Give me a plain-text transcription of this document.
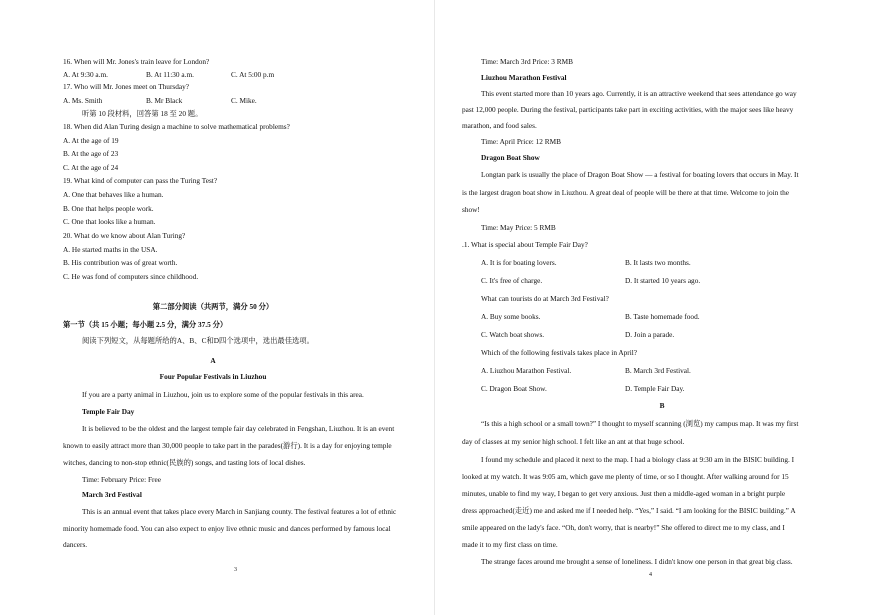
16. When will Mr. Jones's train leave for London?
A. At 9:30 a.m.	B. At 11:30 a.m.	C. At 5:00 p.m
17. Who will Mr. Jones meet on Thursday?
A. Ms. Smith	B. Mr Black	C. Mike.
听第 10 段材料，回答第 18 至 20 题。
18. When did Alan Turing design a machine to solve mathematical problems?
A. At the age of 19
B. At the age of 23
C. At the age of 24
19. What kind of computer can pass the Turing Test?
A. One that behaves like a human.
B. One that helps people work.
C. One that looks like a human.
20. What do we know about Alan Turing?
A. He started maths in the USA.
B. His contribution was of great worth.
C. He was fond of computers since childhood.
第二部分阅读（共两节，满分 50 分）
第一节（共 15 小题；每小题 2.5 分，满分 37.5 分）
阅读下列短文，从每题所给的A、B、C和D四个选项中，选出最佳选项。
A
Four Popular Festivals in Liuzhou
If you are a party animal in Liuzhou, join us to explore some of the popular festivals in this area.
Temple Fair Day
It is believed to be the oldest and the largest temple fair day celebrated in Fengshan, Liuzhou. It is an event
known to easily attract more than 30,000 people to take part in the parades(游行). It is a day for enjoying temple
witches, dancing to non-stop ethnic(民族的) songs, and tasting lots of local dishes.
Time: February Price: Free
March 3rd Festival
This is an annual event that takes place every March in Sanjiang county. The festival features a lot of ethnic
minority homemade food. You can also expect to enjoy live ethnic music and dances performed by famous local
dancers.
3
Time: March 3rd Price: 3 RMB
Liuzhou Marathon Festival
This event started more than 10 years ago. Currently, it is an attractive weekend that sees attendance go way
past 12,000 people. During the festival, participants take part in exciting activities, with the major sees like heavy
marathon, and food sales.
Time: April Price: 12 RMB
Dragon Boat Show
Longtan park is usually the place of Dragon Boat Show — a festival for boating lovers that occurs in May. It
is the largest dragon boat show in Liuzhou. A great deal of people will be there at that time. Welcome to join the
show!
Time: May Price: 5 RMB
.1. What is special about Temple Fair Day?
A. It is for boating lovers.	B. It lasts two months.
C. It's free of charge.	D. It started 10 years ago.
What can tourists do at March 3rd Festival?
A. Buy some books.	B. Taste homemade food.
C. Watch boat shows.	D. Join a parade.
Which of the following festivals takes place in April?
A. Liuzhou Marathon Festival.	B. March 3rd Festival.
C. Dragon Boat Show.	D. Temple Fair Day.
B
“Is this a high school or a small town?” I thought to myself scanning (浏览) my campus map. It was my first
day of classes at my senior high school. I felt like an ant at that huge school.
I found my schedule and placed it next to the map. I had a biology class at 9:30 am in the BISIC building. I
looked at my watch. It was 9:05 am, which gave me plenty of time, or so I thought. After walking around for 15
minutes, unable to find my way, I began to get very anxious. Just then a middle-aged woman in a bright purple
dress approached(走近) me and asked me if I needed help. “Yes,” I said. “I am looking for the BISIC building.” A
smile appeared on the lady's face. “Oh, don't worry, that is nearby!” She offered to direct me to my class, and I
made it to my first class on time.
The strange faces around me brought a sense of loneliness. I didn't know one person in that great big class.
4
